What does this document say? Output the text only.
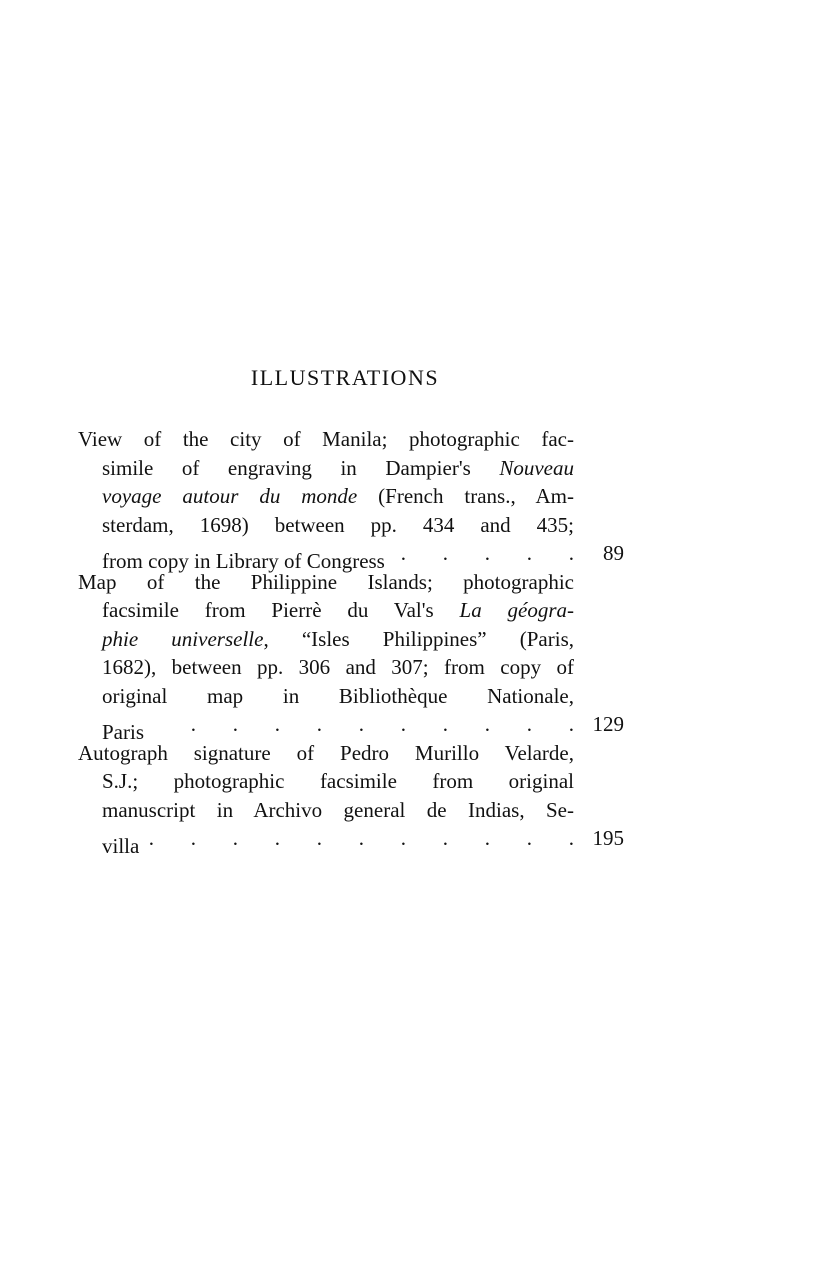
ILLUSTRATIONS
View of the city of Manila; photographic fac-
simile of engraving in Dampier's Nouveau
voyage autour du monde (French trans., Am-
sterdam, 1698) between pp. 434 and 435;
from copy in Library of Congress .	89
Map of the Philippine Islands; photographic
facsimile from Pierrè du Val's La géogra-
phie universelle, “Isles Philippines” (Paris,
1682), between pp. 306 and 307; from copy of
original map in Bibliothèque Nationale,
Paris .	129
Autograph signature of Pedro Murillo Velarde,
S.J.; photographic facsimile from original
manuscript in Archivo general de Indias, Se-
villa .	195
